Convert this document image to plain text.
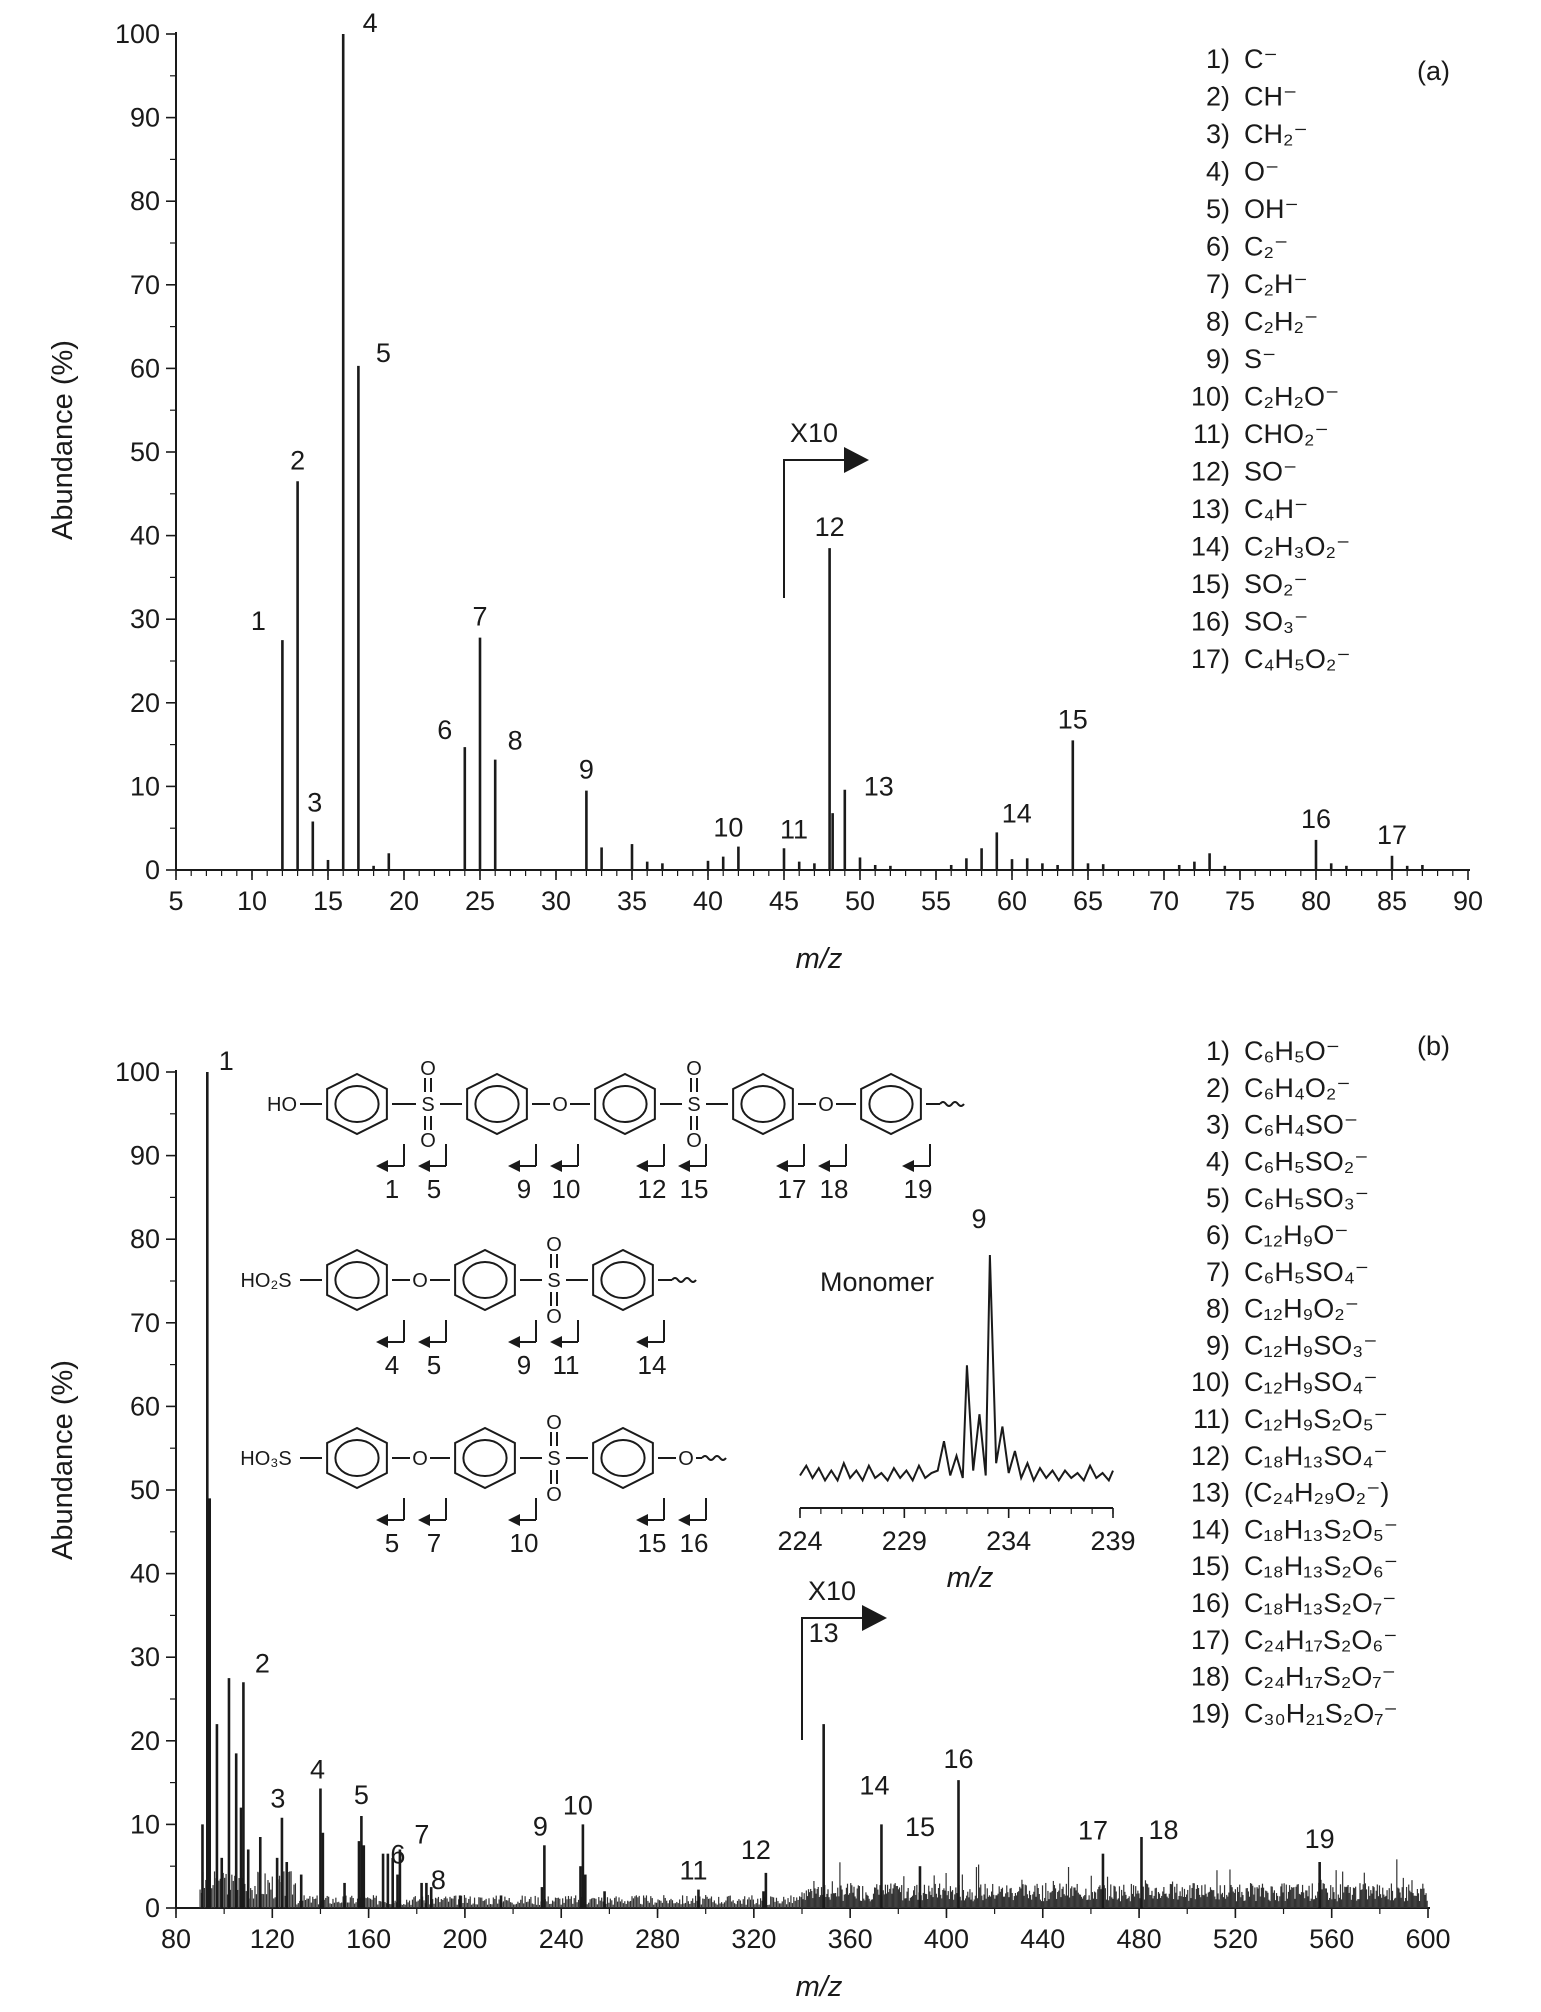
(a)
Abundance (%)
m/z
0
10
20
30
40
50
60
70
80
90
100
5 10 15 20 25 30 35 40 45 50 55 60 65 70 75 80 85 90
1
2
3
4
5
6
7
8
9
10 11
12
13
14
15
16
17
1) C⁻
2) CH⁻
3) CH₂⁻
4) O⁻
5) OH⁻
6) C₂⁻
7) C₂H⁻
8) C₂H₂⁻
9) S⁻
10) C₂H₂O⁻
11) CHO₂⁻
12) SO⁻
13) C₄H⁻
14) C₂H₃O₂⁻
15) SO₂⁻
16) SO₃⁻
17) C₄H₅O₂⁻
X10
(b)
Abundance (%)
m/z
0
10
20
30
40
50
60
70
80
90
100
80 120 160 200 240 280 320 360 400 440 480 520 560 600
1
2
3
4
5
6
7
8
9
10
11
12
13
14
15
16
17 18	19
1) C₆H₅O⁻
2) C₆H₄O₂⁻
3) C₆H₄SO⁻
4) C₆H₅SO₂⁻
5) C₆H₅SO₃⁻
6) C₁₂H₉O⁻
7) C₆H₅SO₄⁻
8) C₁₂H₉O₂⁻
9) C₁₂H₉SO₃⁻
10) C₁₂H₉SO₄⁻
11) C₁₂H₉S₂O₅⁻
12) C₁₈H₁₃SO₄⁻
13) (C₂₄H₂₉O₂⁻)
14) C₁₈H₁₃S₂O₅⁻
15) C₁₈H₁₃S₂O₆⁻
16) C₁₈H₁₃S₂O₇⁻
17) C₂₄H₁₇S₂O₆⁻
18) C₂₄H₁₇S₂O₇⁻
19) C₃₀H₂₁S₂O₇⁻
X10
Monomer
9
m/z
224 229 234 239
HO	S
O
O
O	S
O
O
O
1 5	9 10 12 15	17 18 19
HO₂S	O	S
O
O
4 5	9 11 14
HO₃S	O	S
O
O
O
5 7	10	15 16
